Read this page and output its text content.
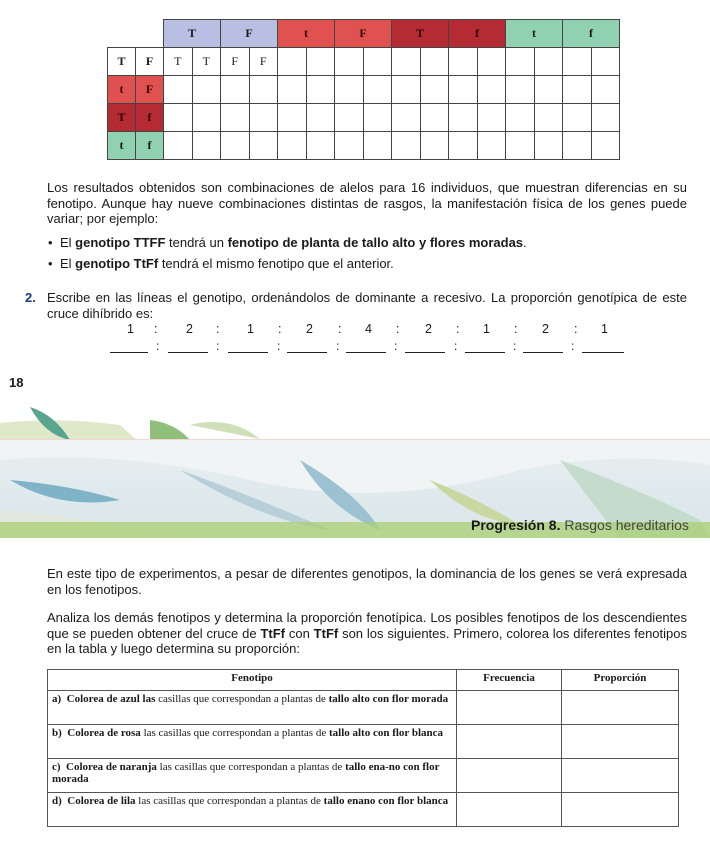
		T		F		t		F		T		f		t		f	
T	F	T	T	F	F												
t	F																
T	f																
t	f																

Los resultados obtenidos son combinaciones de alelos para 16 individuos, que muestran diferencias en su fenotipo. Aunque hay nueve combinaciones distintas de rasgos, la manifestación física de los genes puede variar; por ejemplo:

• El genotipo TTFF tendrá un fenotipo de planta de tallo alto y flores moradas.
• El genotipo TtFf tendrá el mismo fenotipo que el anterior.
2. Escribe en las líneas el genotipo, ordenándolos de dominante a recesivo. La proporción genotípica de este cruce dihíbrido es:

1 : 2 : 1 : 2 : 4 : 2 : 1 : 2 : 1
:	:	:	:	:	:	:	:
18
Progresión 8. Rasgos hereditarios

En este tipo de experimentos, a pesar de diferentes genotipos, la dominancia de los genes se verá expresada en los fenotipos.

Analiza los demás fenotipos y determina la proporción fenotípica. Los posibles fenotipos de los descendientes que se pueden obtener del cruce de TtFf con TtFf son los siguientes. Primero, colorea los diferentes fenotipos en la tabla y luego determina su proporción:

Fenotipo	Frecuencia	Proporción
a) Colorea de azul las casillas que correspondan a plantas de tallo alto con flor morada		
b) Colorea de rosa las casillas que correspondan a plantas de tallo alto con flor blanca		
c) Colorea de naranja las casillas que correspondan a plantas de tallo ena-no con flor morada		
d) Colorea de lila las casillas que correspondan a plantas de tallo enano con flor blanca		
